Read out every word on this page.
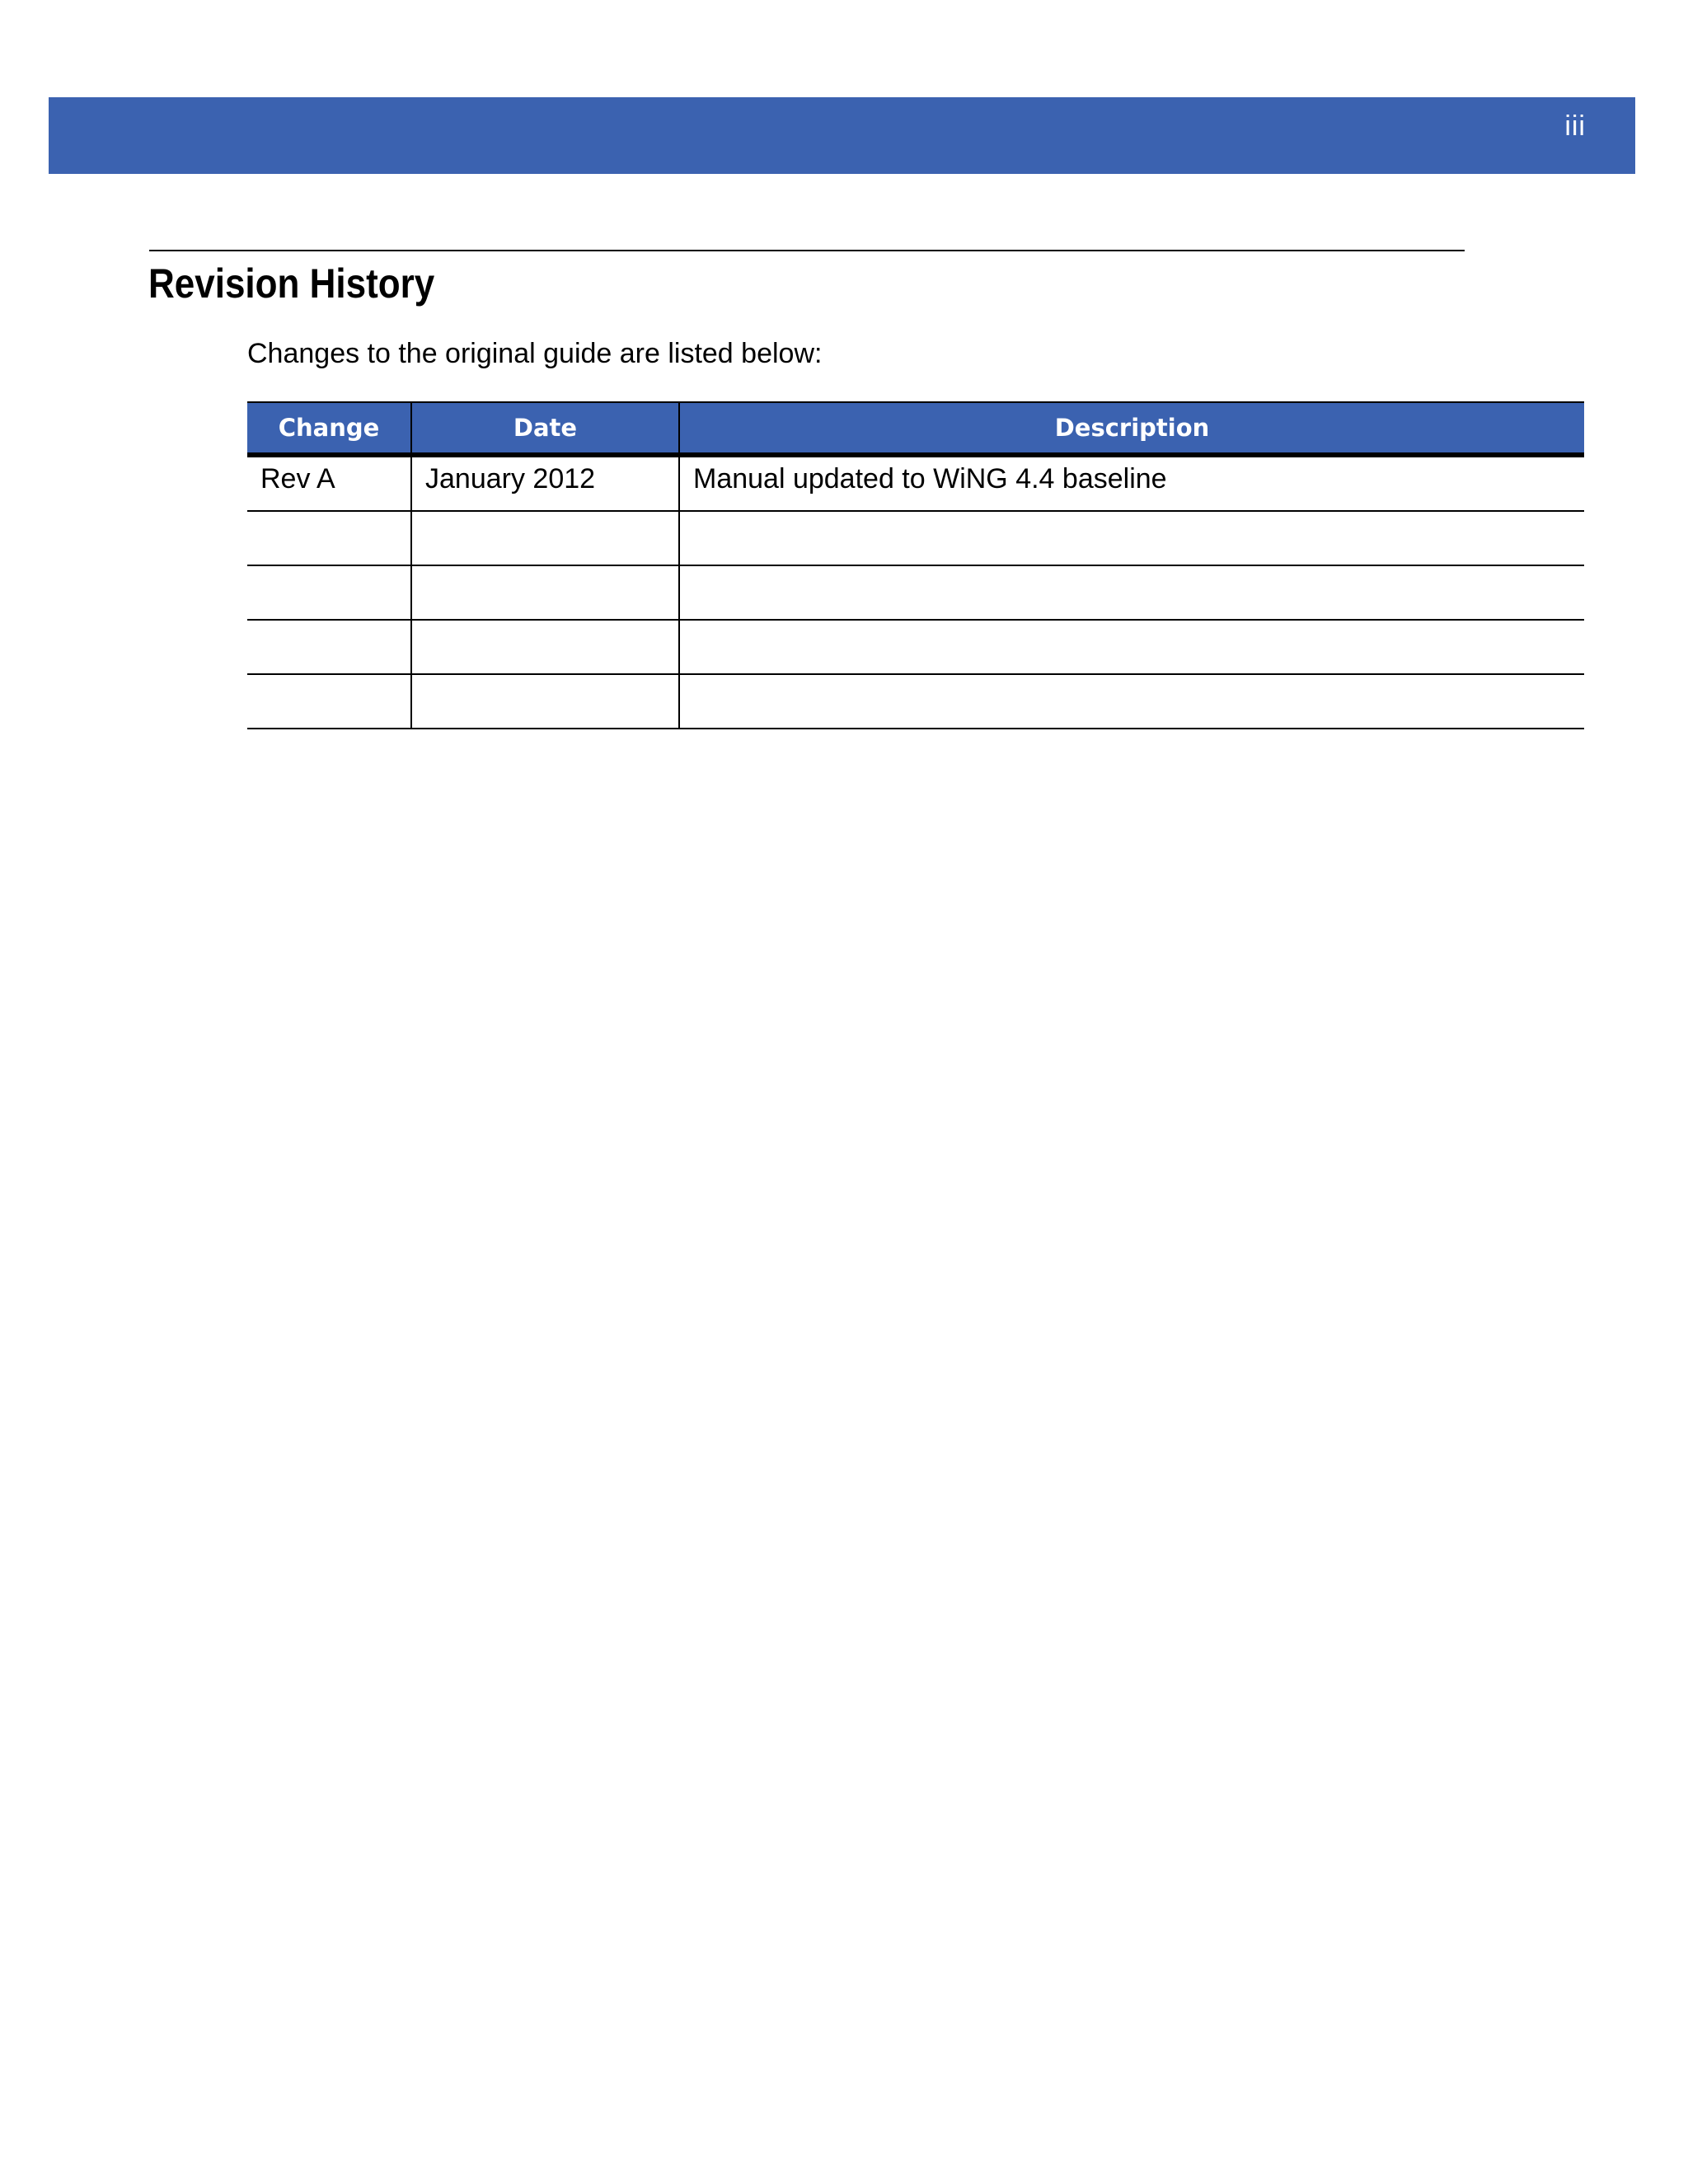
iii
Revision History

Changes to the original guide are listed below:

Change	Date	Description
Rev A	January 2012	Manual updated to WiNG 4.4 baseline
